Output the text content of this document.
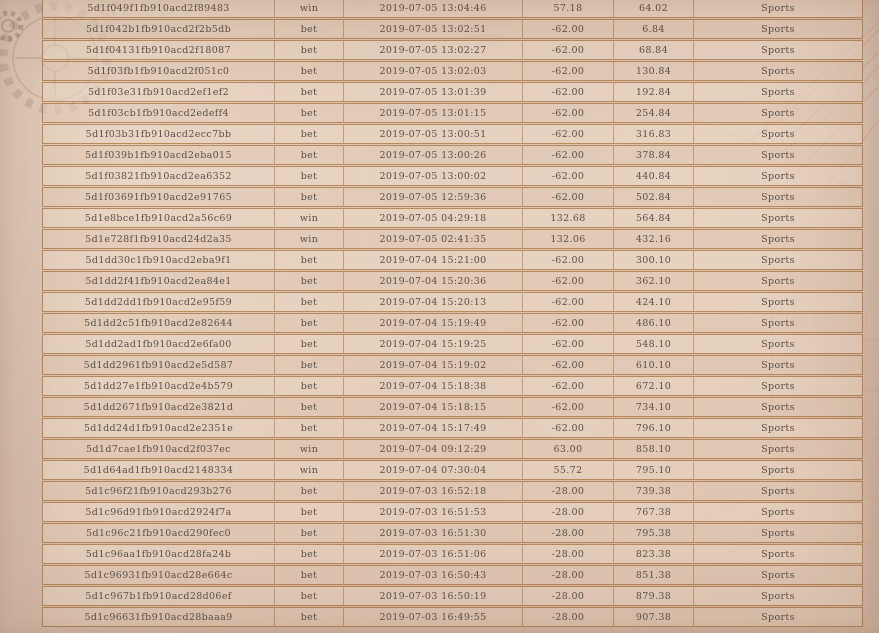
5d1f049f1fb910acd2f89483	win	2019-07-05 13:04:46	57.18	64.02	Sports
5d1f042b1fb910acd2f2b5db	bet	2019-07-05 13:02:51	-62.00	6.84	Sports
5d1f04131fb910acd2f18087	bet	2019-07-05 13:02:27	-62.00	68.84	Sports
5d1f03fb1fb910acd2f051c0	bet	2019-07-05 13:02:03	-62.00	130.84	Sports
5d1f03e31fb910acd2ef1ef2	bet	2019-07-05 13:01:39	-62.00	192.84	Sports
5d1f03cb1fb910acd2edeff4	bet	2019-07-05 13:01:15	-62.00	254.84	Sports
5d1f03b31fb910acd2ecc7bb	bet	2019-07-05 13:00:51	-62.00	316.83	Sports
5d1f039b1fb910acd2eba015	bet	2019-07-05 13:00:26	-62.00	378.84	Sports
5d1f03821fb910acd2ea6352	bet	2019-07-05 13:00:02	-62.00	440.84	Sports
5d1f03691fb910acd2e91765	bet	2019-07-05 12:59:36	-62.00	502.84	Sports
5d1e8bce1fb910acd2a56c69	win	2019-07-05 04:29:18	132.68	564.84	Sports
5d1e728f1fb910acd24d2a35	win	2019-07-05 02:41:35	132.06	432.16	Sports
5d1dd30c1fb910acd2eba9f1	bet	2019-07-04 15:21:00	-62.00	300.10	Sports
5d1dd2f41fb910acd2ea84e1	bet	2019-07-04 15:20:36	-62.00	362.10	Sports
5d1dd2dd1fb910acd2e95f59	bet	2019-07-04 15:20:13	-62.00	424.10	Sports
5d1dd2c51fb910acd2e82644	bet	2019-07-04 15:19:49	-62.00	486.10	Sports
5d1dd2ad1fb910acd2e6fa00	bet	2019-07-04 15:19:25	-62.00	548.10	Sports
5d1dd2961fb910acd2e5d587	bet	2019-07-04 15:19:02	-62.00	610.10	Sports
5d1dd27e1fb910acd2e4b579	bet	2019-07-04 15:18:38	-62.00	672.10	Sports
5d1dd2671fb910acd2e3821d	bet	2019-07-04 15:18:15	-62.00	734.10	Sports
5d1dd24d1fb910acd2e2351e	bet	2019-07-04 15:17:49	-62.00	796.10	Sports
5d1d7cae1fb910acd2f037ec	win	2019-07-04 09:12:29	63.00	858.10	Sports
5d1d64ad1fb910acd2148334	win	2019-07-04 07:30:04	55.72	795.10	Sports
5d1c96f21fb910acd293b276	bet	2019-07-03 16:52:18	-28.00	739.38	Sports
5d1c96d91fb910acd2924f7a	bet	2019-07-03 16:51:53	-28.00	767.38	Sports
5d1c96c21fb910acd290fec0	bet	2019-07-03 16:51:30	-28.00	795.38	Sports
5d1c96aa1fb910acd28fa24b	bet	2019-07-03 16:51:06	-28.00	823.38	Sports
5d1c96931fb910acd28e664c	bet	2019-07-03 16:50:43	-28.00	851.38	Sports
5d1c967b1fb910acd28d06ef	bet	2019-07-03 16:50:19	-28.00	879.38	Sports
5d1c96631fb910acd28baaa9	bet	2019-07-03 16:49:55	-28.00	907.38	Sports
